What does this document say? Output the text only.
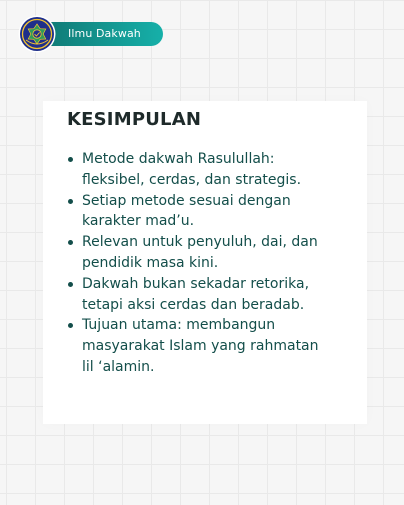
Ilmu Dakwah
KESIMPULAN
Metode dakwah Rasulullah:
fleksibel, cerdas, dan strategis.
Setiap metode sesuai dengan
karakter mad’u.
Relevan untuk penyuluh, dai, dan
pendidik masa kini.
Dakwah bukan sekadar retorika,
tetapi aksi cerdas dan beradab.
Tujuan utama: membangun
masyarakat Islam yang rahmatan
lil ‘alamin.
